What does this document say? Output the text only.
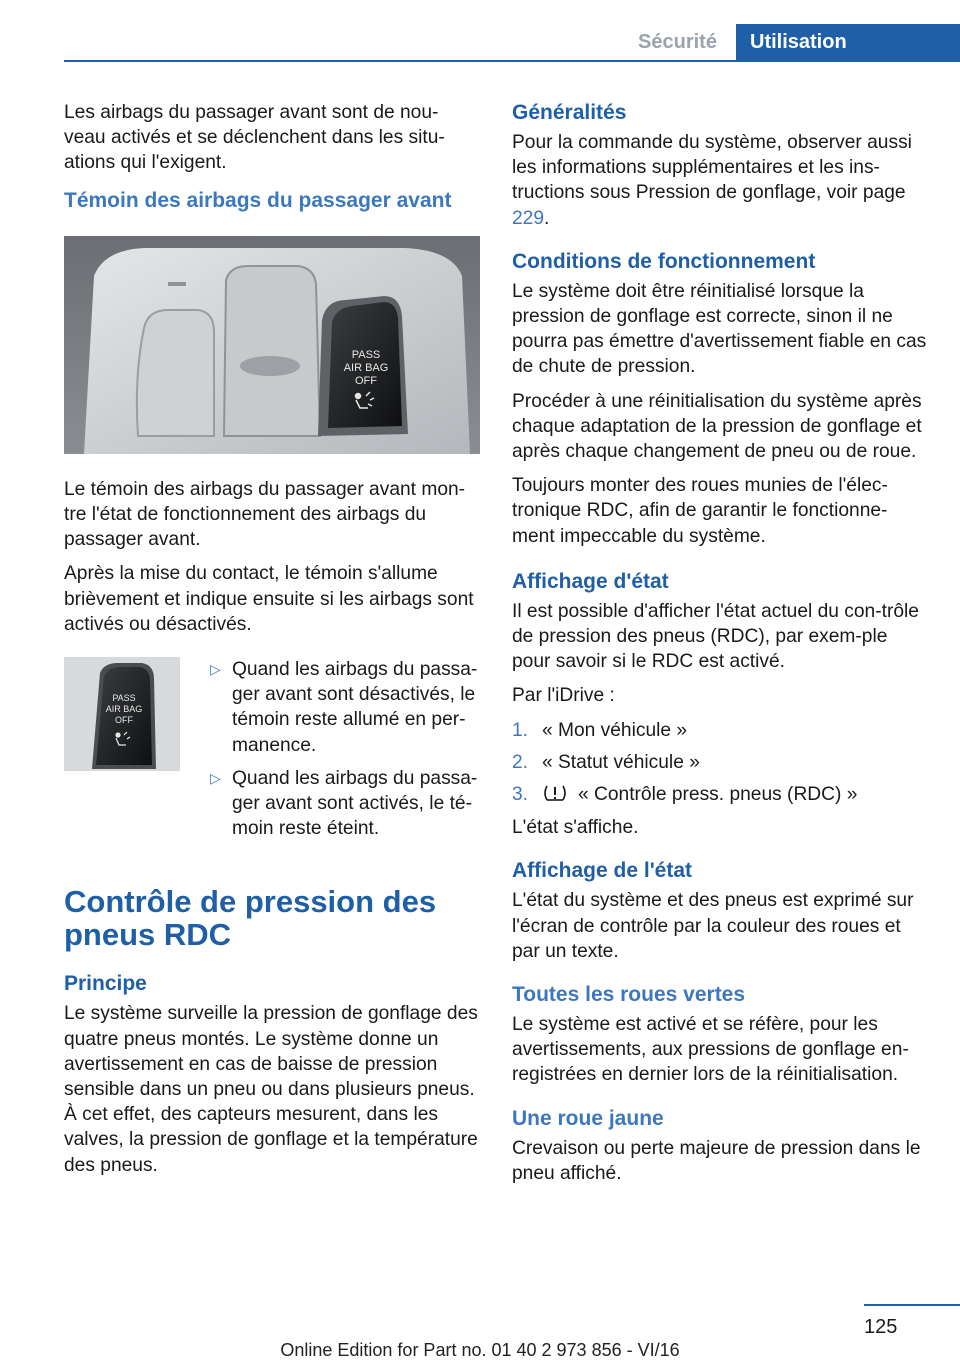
Sécurité	Utilisation

Les airbags du passager avant sont de nou-veau activés et se déclenchent dans les situ-ations qui l'exigent.

Témoin des airbags du passager avant
PASS
AIR BAG
OFF

Le témoin des airbags du passager avant mon-tre l'état de fonctionnement des airbags du passager avant.

Après la mise du contact, le témoin s'allume brièvement et indique ensuite si les airbags sont activés ou désactivés.

PASS
AIR BAG
OFF
▷ Quand les airbags du passa-ger avant sont désactivés, le témoin reste allumé en per-manence.
▷ Quand les airbags du passa-ger avant sont activés, le té-moin reste éteint.
Contrôle de pression des pneus RDC
Principe

Le système surveille la pression de gonflage des quatre pneus montés. Le système donne un avertissement en cas de baisse de pression sensible dans un pneu ou dans plusieurs pneus. À cet effet, des capteurs mesurent, dans les valves, la pression de gonflage et la température des pneus.

Généralités

Pour la commande du système, observer aussi les informations supplémentaires et les ins-tructions sous Pression de gonflage, voir page 229.

Conditions de fonctionnement

Le système doit être réinitialisé lorsque la pression de gonflage est correcte, sinon il ne pourra pas émettre d'avertissement fiable en cas de chute de pression.

Procéder à une réinitialisation du système après chaque adaptation de la pression de gonflage et après chaque changement de pneu ou de roue.

Toujours monter des roues munies de l'élec-tronique RDC, afin de garantir le fonctionne-ment impeccable du système.

Affichage d'état

Il est possible d'afficher l'état actuel du con-trôle de pression des pneus (RDC), par exem-ple pour savoir si le RDC est activé.

Par l'iDrive :

1. « Mon véhicule »
2. « Statut véhicule »
3.	« Contrôle press. pneus (RDC) »

L'état s'affiche.

Affichage de l'état

L'état du système et des pneus est exprimé sur l'écran de contrôle par la couleur des roues et par un texte.

Toutes les roues vertes

Le système est activé et se réfère, pour les avertissements, aux pressions de gonflage en-registrées en dernier lors de la réinitialisation.

Une roue jaune

Crevaison ou perte majeure de pression dans le pneu affiché.

125
Online Edition for Part no. 01 40 2 973 856 - VI/16
